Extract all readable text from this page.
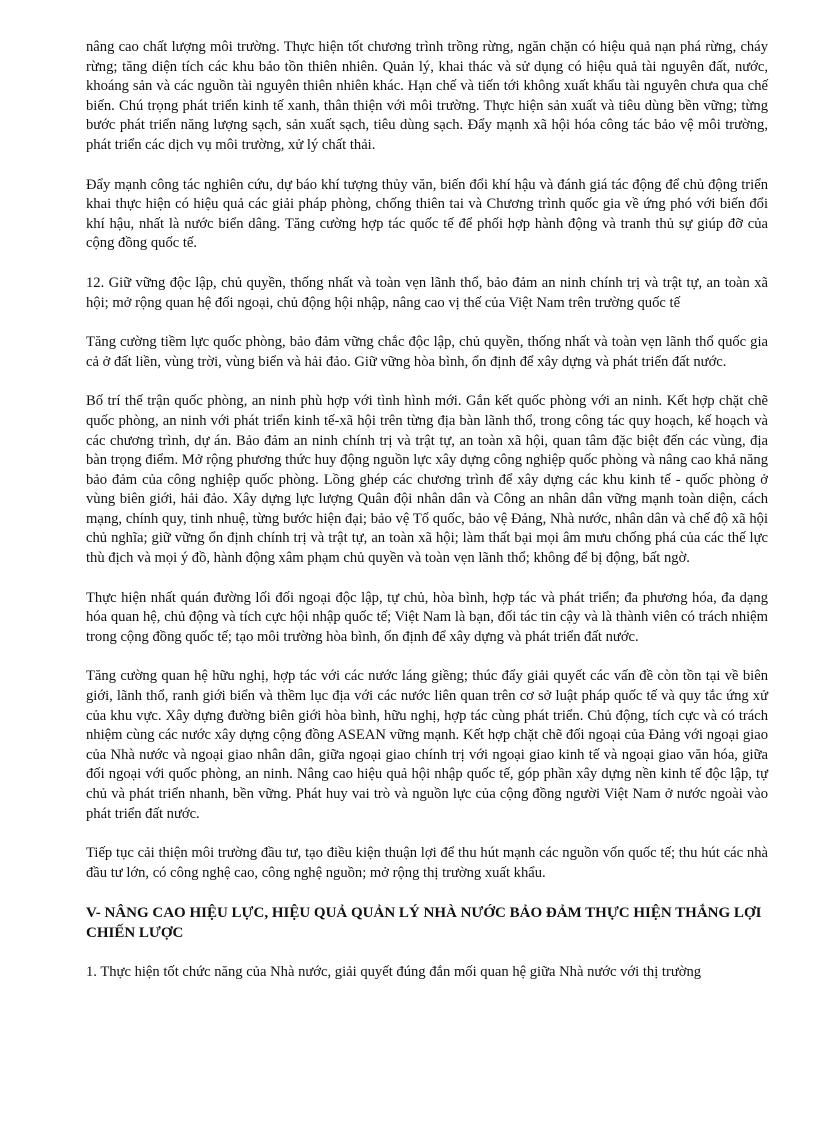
nâng cao chất lượng môi trường. Thực hiện tốt chương trình trồng rừng, ngăn chặn có hiệu quả nạn phá rừng, cháy rừng; tăng diện tích các khu bảo tồn thiên nhiên. Quản lý, khai thác và sử dụng có hiệu quả tài nguyên đất, nước, khoáng sản và các nguồn tài nguyên thiên nhiên khác. Hạn chế và tiến tới không xuất khẩu tài nguyên chưa qua chế biến. Chú trọng phát triển kinh tế xanh, thân thiện với môi trường. Thực hiện sản xuất và tiêu dùng bền vững; từng bước phát triển năng lượng sạch, sản xuất sạch, tiêu dùng sạch. Đẩy mạnh xã hội hóa công tác bảo vệ môi trường, phát triển các dịch vụ môi trường, xử lý chất thải.

Đẩy mạnh công tác nghiên cứu, dự báo khí tượng thủy văn, biến đổi khí hậu và đánh giá tác động để chủ động triển khai thực hiện có hiệu quả các giải pháp phòng, chống thiên tai và Chương trình quốc gia về ứng phó với biến đổi khí hậu, nhất là nước biển dâng. Tăng cường hợp tác quốc tế để phối hợp hành động và tranh thủ sự giúp đỡ của cộng đồng quốc tế.

12. Giữ vững độc lập, chủ quyền, thống nhất và toàn vẹn lãnh thổ, bảo đảm an ninh chính trị và trật tự, an toàn xã hội; mở rộng quan hệ đối ngoại, chủ động hội nhập, nâng cao vị thế của Việt Nam trên trường quốc tế

Tăng cường tiềm lực quốc phòng, bảo đảm vững chắc độc lập, chủ quyền, thống nhất và toàn vẹn lãnh thổ quốc gia cả ở đất liền, vùng trời, vùng biển và hải đảo. Giữ vững hòa bình, ổn định để xây dựng và phát triển đất nước.

Bố trí thế trận quốc phòng, an ninh phù hợp với tình hình mới. Gắn kết quốc phòng với an ninh. Kết hợp chặt chẽ quốc phòng, an ninh với phát triển kinh tế-xã hội trên từng địa bàn lãnh thổ, trong công tác quy hoạch, kế hoạch và các chương trình, dự án. Bảo đảm an ninh chính trị và trật tự, an toàn xã hội, quan tâm đặc biệt đến các vùng, địa bàn trọng điểm. Mở rộng phương thức huy động nguồn lực xây dựng công nghiệp quốc phòng và nâng cao khả năng bảo đảm của công nghiệp quốc phòng. Lồng ghép các chương trình để xây dựng các khu kinh tế - quốc phòng ở vùng biên giới, hải đảo. Xây dựng lực lượng Quân đội nhân dân và Công an nhân dân vững mạnh toàn diện, cách mạng, chính quy, tinh nhuệ, từng bước hiện đại; bảo vệ Tổ quốc, bảo vệ Đảng, Nhà nước, nhân dân và chế độ xã hội chủ nghĩa; giữ vững ổn định chính trị và trật tự, an toàn xã hội; làm thất bại mọi âm mưu chống phá của các thế lực thù địch và mọi ý đồ, hành động xâm phạm chủ quyền và toàn vẹn lãnh thổ; không để bị động, bất ngờ.

Thực hiện nhất quán đường lối đối ngoại độc lập, tự chủ, hòa bình, hợp tác và phát triển; đa phương hóa, đa dạng hóa quan hệ, chủ động và tích cực hội nhập quốc tế; Việt Nam là bạn, đối tác tin cậy và là thành viên có trách nhiệm trong cộng đồng quốc tế; tạo môi trường hòa bình, ổn định để xây dựng và phát triển đất nước.

Tăng cường quan hệ hữu nghị, hợp tác với các nước láng giềng; thúc đẩy giải quyết các vấn đề còn tồn tại về biên giới, lãnh thổ, ranh giới biển và thềm lục địa với các nước liên quan trên cơ sở luật pháp quốc tế và quy tắc ứng xử của khu vực. Xây dựng đường biên giới hòa bình, hữu nghị, hợp tác cùng phát triển. Chủ động, tích cực và có trách nhiệm cùng các nước xây dựng cộng đồng ASEAN vững mạnh. Kết hợp chặt chẽ đối ngoại của Đảng với ngoại giao của Nhà nước và ngoại giao nhân dân, giữa ngoại giao chính trị với ngoại giao kinh tế và ngoại giao văn hóa, giữa đối ngoại với quốc phòng, an ninh. Nâng cao hiệu quả hội nhập quốc tế, góp phần xây dựng nền kinh tế độc lập, tự chủ và phát triển nhanh, bền vững. Phát huy vai trò và nguồn lực của cộng đồng người Việt Nam ở nước ngoài vào phát triển đất nước.

Tiếp tục cải thiện môi trường đầu tư, tạo điều kiện thuận lợi để thu hút mạnh các nguồn vốn quốc tế; thu hút các nhà đầu tư lớn, có công nghệ cao, công nghệ nguồn; mở rộng thị trường xuất khẩu.

V- NÂNG CAO HIỆU LỰC, HIỆU QUẢ QUẢN LÝ NHÀ NƯỚC BẢO ĐẢM THỰC HIỆN THẮNG LỢI CHIẾN LƯỢC

1. Thực hiện tốt chức năng của Nhà nước, giải quyết đúng đắn mối quan hệ giữa Nhà nước với thị trường
